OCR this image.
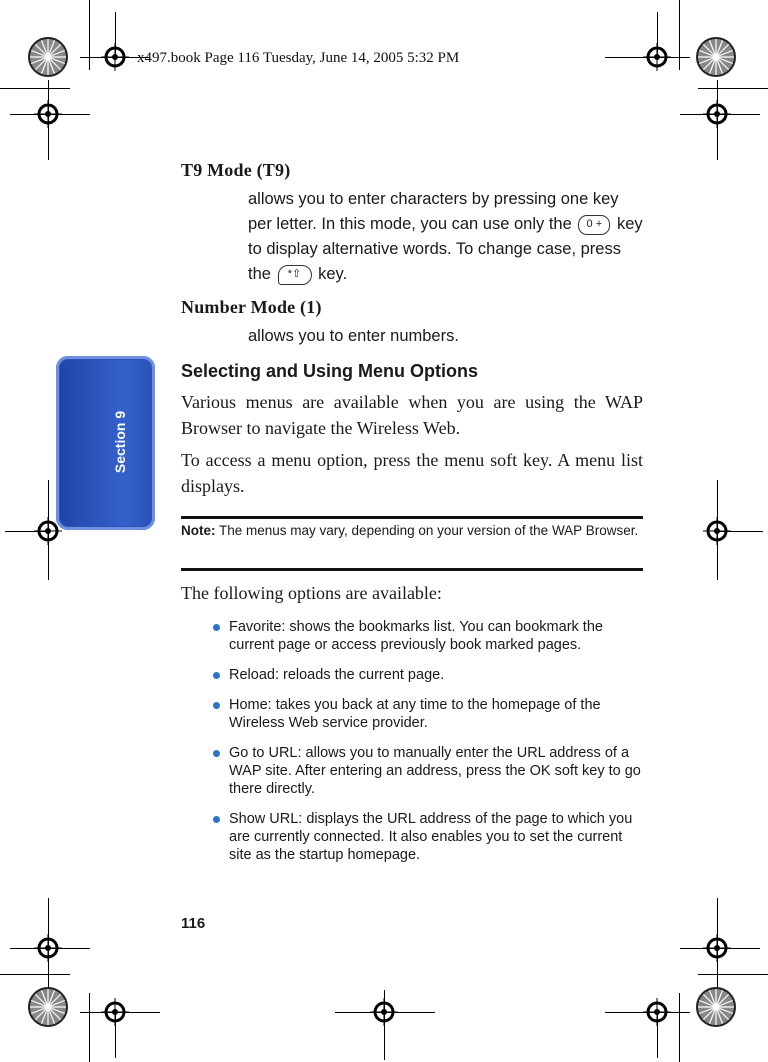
x497.book Page 116 Tuesday, June 14, 2005 5:32 PM
Section 9

T9 Mode (T9)

allows you to enter characters by pressing one key per letter. In this mode, you can use only the 0 + key to display alternative words. To change case, press the *⇧ key.

Number Mode (1)

allows you to enter numbers.

Selecting and Using Menu Options

Various menus are available when you are using the WAP Browser to navigate the Wireless Web.

To access a menu option, press the menu soft key. A menu list displays.

Note: The menus may vary, depending on your version of the WAP Browser.

The following options are available:

Favorite: shows the bookmarks list. You can bookmark the current page or access previously book marked pages.
Reload: reloads the current page.
Home: takes you back at any time to the homepage of the Wireless Web service provider.
Go to URL: allows you to manually enter the URL address of a WAP site. After entering an address, press the OK soft key to go there directly.
Show URL: displays the URL address of the page to which you are currently connected. It also enables you to set the current site as the startup homepage.
116
